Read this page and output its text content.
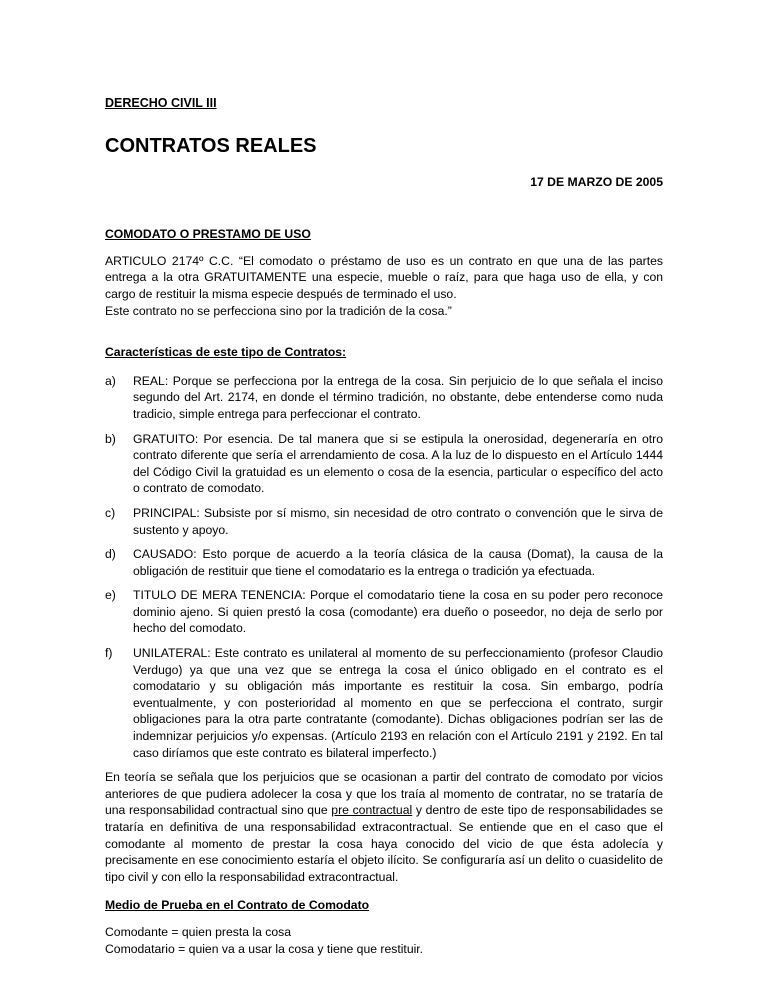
DERECHO CIVIL III
CONTRATOS REALES
17 DE MARZO DE 2005
COMODATO O PRESTAMO DE USO
ARTICULO 2174º C.C. “El comodato o préstamo de uso es un contrato en que una de las partes entrega a la otra GRATUITAMENTE una especie, mueble o raíz, para que haga uso de ella, y con cargo de restituir la misma especie después de terminado el uso.
Este contrato no se perfecciona sino por la tradición de la cosa.”
Características de este tipo de Contratos:
a) REAL: Porque se perfecciona por la entrega de la cosa. Sin perjuicio de lo que señala el inciso segundo del Art. 2174, en donde el término tradición, no obstante, debe entenderse como nuda tradicio, simple entrega para perfeccionar el contrato.
b) GRATUITO: Por esencia. De tal manera que si se estipula la onerosidad, degeneraría en otro contrato diferente que sería el arrendamiento de cosa. A la luz de lo dispuesto en el Artículo 1444 del Código Civil la gratuidad es un elemento o cosa de la esencia, particular o específico del acto o contrato de comodato.
c) PRINCIPAL: Subsiste por sí mismo, sin necesidad de otro contrato o convención que le sirva de sustento y apoyo.
d) CAUSADO: Esto porque de acuerdo a la teoría clásica de la causa (Domat), la causa de la obligación de restituir que tiene el comodatario es la entrega o tradición ya efectuada.
e) TITULO DE MERA TENENCIA: Porque el comodatario tiene la cosa en su poder pero reconoce dominio ajeno. Si quien prestó la cosa (comodante) era dueño o poseedor, no deja de serlo por hecho del comodato.
f) UNILATERAL: Este contrato es unilateral al momento de su perfeccionamiento (profesor Claudio Verdugo) ya que una vez que se entrega la cosa el único obligado en el contrato es el comodatario y su obligación más importante es restituir la cosa. Sin embargo, podría eventualmente, y con posterioridad al momento en que se perfecciona el contrato, surgir obligaciones para la otra parte contratante (comodante). Dichas obligaciones podrían ser las de indemnizar perjuicios y/o expensas. (Artículo 2193 en relación con el Artículo 2191 y 2192. En tal caso diríamos que este contrato es bilateral imperfecto.)
En teoría se señala que los perjuicios que se ocasionan a partir del contrato de comodato por vicios anteriores de que pudiera adolecer la cosa y que los traía al momento de contratar, no se trataría de una responsabilidad contractual sino que pre contractual y dentro de este tipo de responsabilidades se trataría en definitiva de una responsabilidad extracontractual. Se entiende que en el caso que el comodante al momento de prestar la cosa haya conocido del vicio de que ésta adolecía y precisamente en ese conocimiento estaría el objeto ilícito. Se configuraría así un delito o cuasidelito de tipo civil y con ello la responsabilidad extracontractual.
Medio de Prueba en el Contrato de Comodato
Comodante = quien presta la cosa
Comodatario = quien va a usar la cosa y tiene que restituir.
